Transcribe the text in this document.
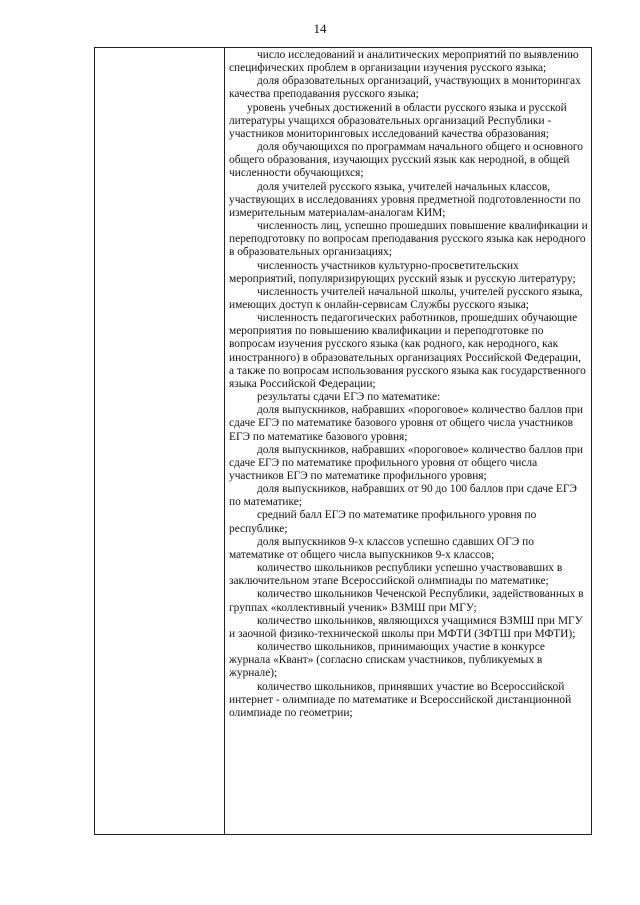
14

число исследований и аналитических мероприятий по выявлению специфических проблем в организации изучения русского языка;

доля образовательных организаций, участвующих в мониторингах качества преподавания русского языка;

уровень учебных достижений в области русского языка и русской литературы учащихся образовательных организаций Республики - участников мониторинговых исследований качества образования;

доля обучающихся по программам начального общего и основного общего образования, изучающих русский язык как неродной, в общей численности обучающихся;

доля учителей русского языка, учителей начальных классов, участвующих в исследованиях уровня предметной подготовленности по измерительным материалам-аналогам КИМ;

численность лиц, успешно прошедших повышение квалификации и переподготовку по вопросам преподавания русского языка как неродного в образовательных организациях;

численность участников культурно-просветительских мероприятий, популяризирующих русский язык и русскую литературу;

численность учителей начальной школы, учителей русского языка, имеющих доступ к онлайн-сервисам Службы русского языка;

численность педагогических работников, прошедших обучающие мероприятия по повышению квалификации и переподготовке по вопросам изучения русского языка (как родного, как неродного, как иностранного) в образовательных организациях Российской Федерации, а также по вопросам использования русского языка как государственного языка Российской Федерации;

результаты сдачи ЕГЭ по математике:

доля выпускников, набравших «пороговое» количество баллов при сдаче ЕГЭ по математике базового уровня от общего числа участников ЕГЭ по математике базового уровня;

доля выпускников, набравших «пороговое» количество баллов при сдаче ЕГЭ по математике профильного уровня от общего числа участников ЕГЭ по математике профильного уровня;

доля выпускников, набравших от 90 до 100 баллов при сдаче ЕГЭ по математике;

средний балл ЕГЭ по математике профильного уровня по республике;

доля выпускников 9-х классов успешно сдавших ОГЭ по математике от общего числа выпускников 9-х классов;

количество школьников республики успешно участвовавших в заключительном этапе Всероссийской олимпиады по математике;

количество школьников Чеченской Республики, задействованных в группах «коллективный ученик» ВЗМШ при МГУ;

количество школьников, являющихся учащимися ВЗМШ при МГУ и заочной физико-технической школы при МФТИ (ЗФТШ при МФТИ);

количество школьников, принимающих участие в конкурсе журнала «Квант» (согласно спискам участников, публикуемых в журнале);

количество школьников, принявших участие во Всероссийской интернет - олимпиаде по математике и Всероссийской дистанционной олимпиаде по геометрии;
